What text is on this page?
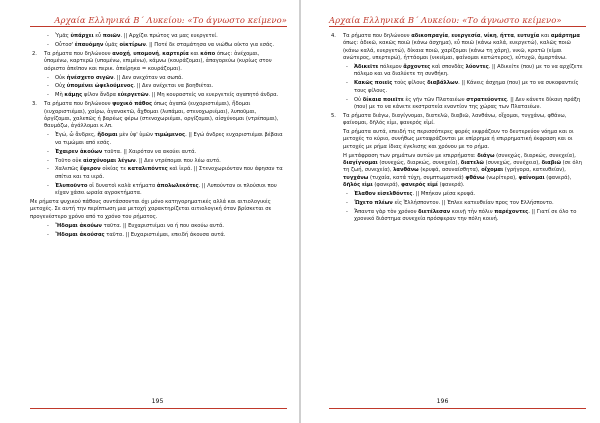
Αρχαία Ελληνικά Β΄ Λυκείου: «Το άγνωστο κείμενο»

- Ὑμᾶς ὑπάρχει εὖ ποιῶν. || Αρχίζει πρώτος να μας ευεργετεί.

- Οὗτοσ' ἐπαυόμην ὑμᾶς οἰκτίρων. || Ποτέ δε σταμάτησα να νιώθω οίκτο για εσάς.

2. Τα ρήματα που δηλώνουν ανοχή, υπομονή, καρτερία και κόπο όπως: ἀνέχομαι, ὑπομένω, καρτερῶ (υπομένω, επιμένω), κάμνω (κουράζομαι), ἀπαγορεύω (κυρίως στον αόριστο ἀπεῖπον και περικ. ἀπείρηκα = κουράζομαι).

- Οὐκ ἠνέσχετο σιγῶν. || Δεν ανεχόταν να σωπά.

- Οὐχ ὑπομένει ὠφελούμενος. || Δεν ανέχεται να βοηθιέται.

- Μὴ κάμῃς φίλον ἄνδρα εὐεργετῶν. || Μη κουραστείς να ευεργετείς αγαπητό άνδρα.

3. Τα ρήματα που δηλώνουν ψυχικό πάθος όπως ἀγαπῶ (ευχαριστιέμαι), ἥδομαι (ευχαριστιέμαι), χαίρω, ἀγανακτῶ, ἄχθομαι (λυπάμαι, στενοχωριέμαι), λυποῦμαι, ὀργίζομαι, χαλεπῶς ή βαρέως φέρω (στενοχωριέμαι, οργίζομαι), αἰσχύνομαι (ντρέπομαι), θαυμάζω, ἀγάλλομαι κ.λπ.

- Ἐγώ, ὦ ἄνδρες, ἥδομαι μὲν ὑφ' ὑμῶν τιμώμενος. || Εγώ άνδρες ευχαριστιέμαι βέβαια να τιμώμαι από εσάς.

- Ἐχαιρεν ἀκούων ταῦτα. || Χαιρόταν να ακούει αυτά.

- Τοῦτο οὐκ αἰσχύνομαι λέγων. || Δεν ντρέπομαι που λέω αυτό.

- Χαλεπῶς ἔφερον οἰκίας τε καταλιπόντες καὶ ἱερά. || Στενοχωριόνταν που άφησαν τα σπίτια και τα ιερά.

- Ἐλυποῦντο οἱ δυνατοὶ καλὰ κτήματα ἀπολωλεκότες. || Λυπούνταν οι πλούσιοι που είχαν χάσει ωραία αγροκτήματα.

Με ρήματα ψυχικού πάθους συντάσσονται όχι μόνο κατηγορηματικές αλλά και αιτιολογικές μετοχές. Σε αυτή την περίπτωση μια μετοχή χαρακτηρίζεται αιτιολογική όταν βρίσκεται σε προγενέστερο χρόνο από το χρόνο του ρήματος.

- Ἥδομαι ἀκούων ταῦτα. || Ευχαριστιέμαι να ή που ακούω αυτά.

- Ἥδομαι ἀκούσας ταῦτα. || Ευχαριστιέμαι, επειδή άκουσα αυτά.

195
Αρχαία Ελληνικά Β΄ Λυκείου: «Το άγνωστο κείμενο»

4. Τα ρήματα που δηλώνουν αδικοπραγία, ευεργεσία, νίκη, ήττα, ευτυχία και αμάρτημα όπως: ἀδικῶ, κακῶς ποιῶ (κάνω άσχημα), εὖ ποιῶ (κάνω καλά, ευεργετώ), καλῶς ποιῶ (κάνω καλά, ευεργετώ), δίκαια ποιῶ, χαρίζομαι (κάνω τη χάρη), νικῶ, κρατῶ (είμαι ανώτερος, υπερτερώ), ἡττάομαι (νικιέμαι, φαίνομαι κατώτερος), εὐτυχῶ, ἁμαρτάνω.

- Ἀδικεῖτε πόλεμον ἄρχοντες καὶ σπονδὰς λύοντες. || Αδικείτε (που) με το να αρχίζετε πόλεμο και να διαλύετε τη συνθήκη.

- Κακῶς ποιεῖς τοὺς φίλους διαβάλλων. || Κάνεις άσχημα (που) με το να συκοφαντείς τους φίλους.

- Οὐ δίκαια ποιεῖτε ἐς γῆν τῶν Πλαταιέων στρατεύοντες. || Δεν κάνετε δίκαιη πράξη (που) με το να κάνετε εκστρατεία εναντίον της χώρας των Πλαταιέων.

5. Τα ρήματα διάγω, διαγίγνομαι, διατελῶ, διαβιῶ, λανθάνω, οἴχομαι, τυγχάνω, φθάνω, φαίνομαι, δῆλός εἰμι, φανερός εἰμί.

Τα ρήματα αυτά, επειδή τις περισσότερες φορές εκφράζουν το δευτερεύον νόημα και οι μετοχές το κύριο, συνήθως μεταφράζονται με επίρρημα ή επιρρηματική έκφραση και οι μετοχές με ρήμα ίδιας έγκλισης και χρόνου με το ρήμα.

Η μετάφραση των ρημάτων αυτών με επιρρήματα: διάγω (συνεχώς, διαρκώς, συνεχεία), διαγίγνομαι (συνεχώς, διαρκώς, συνεχεία), διατελῶ (συνεχώς, συνέχεια), διαβιῶ (σε όλη τη ζωή, συνεχεία), λανθάνω (κρυφά, ασυναίσθητα), οἴχομαι (γρήγορα, κατευθείαν), τυγχάνω (τυχαία, κατά τύχη, συμπτωματικά) φθάνω (νωρίτερα), φαίνομαι (φανερά), δῆλός εἰμι (φανερά), φανερός εἰμί (φανερά).

- Ἐλαθον εἰσελθόντες. || Μπήκαν μέσα κρυφά.

- Ὤχετο πλέων εἰς Ἑλλήσποντον. || Έπλεε κατευθείαν προς τον Ελλήσποντο.

- Ἅπαντα γὰρ τὸν χρόνον διετέλεσαν κοινῇ τὴν πόλιν παρέχοντες. || Γιατί σε όλο το χρονικό διάστημα συνεχεία πρόσφεραν την πόλη κοινή.

196
